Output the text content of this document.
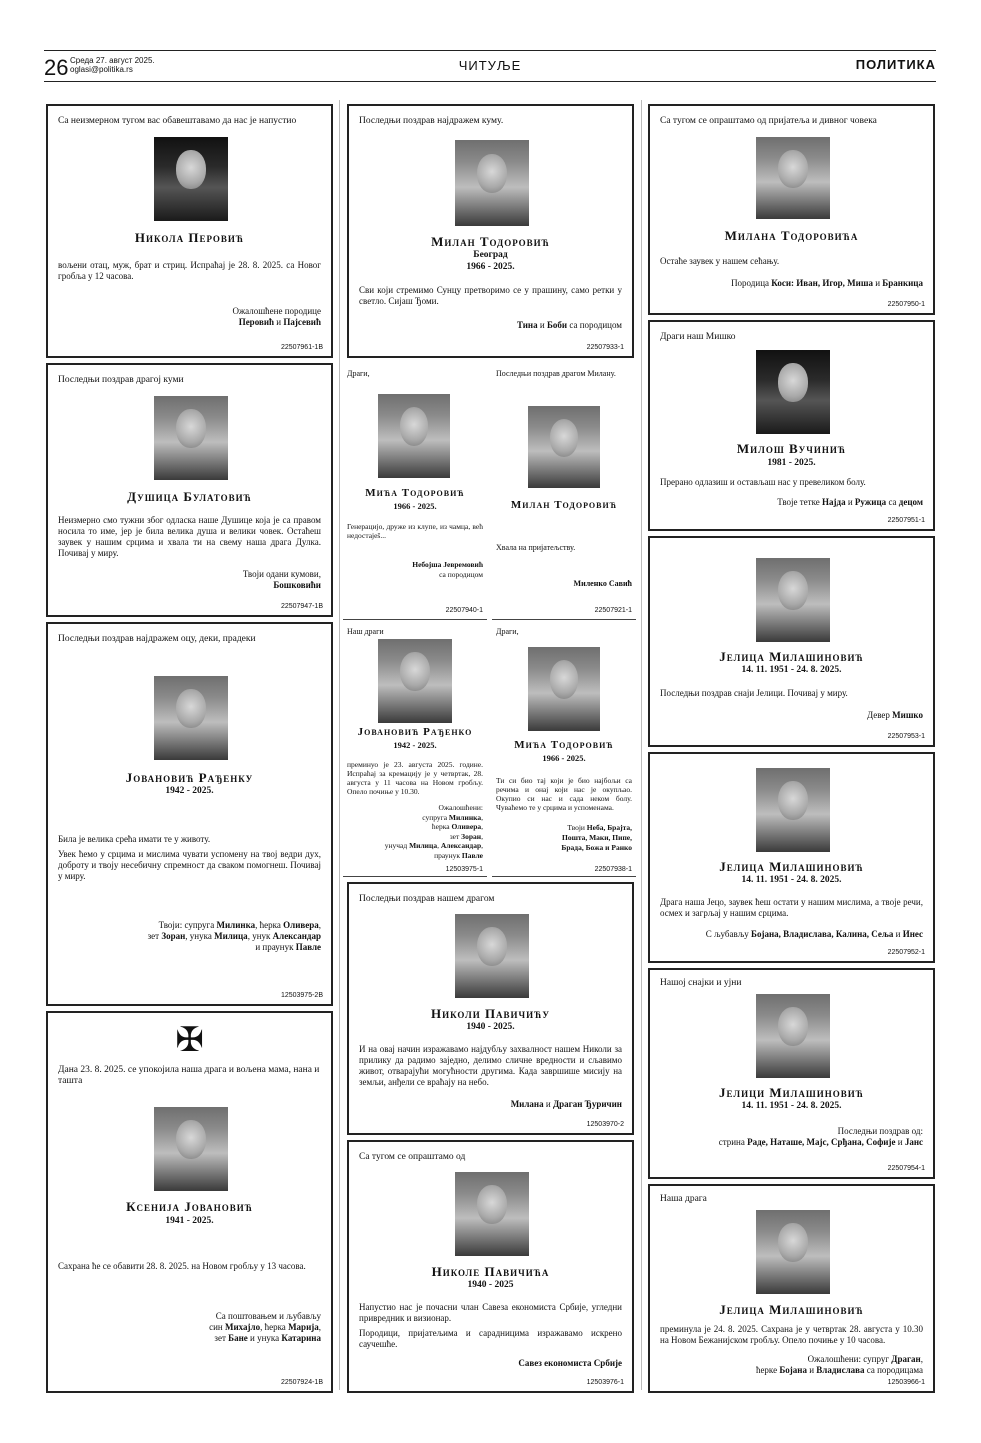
26 Среда 27. август 2025.
oglasi@politika.rs	ЧИТУЉЕ	ПОЛИТИКА
Са неизмерном тугом вас обавештавамо да нас је напустио
Никола Перовић
вољени отац, муж, брат и стриц. Испраћај је 28. 8. 2025. са Новог гробља у 12 часова.
Ожалошћене породице
Перовић и Пајсевић
22507961-1В
Последњи поздрав драгој куми
Душица Булатовић
Неизмерно смо тужни због одласка наше Душице која је са правом носила то име, јер је била велика душа и велики човек. Остаћеш заувек у нашим срцима и хвала ти на свему наша драга Дулка. Почивај у миру.
Твоји одани кумови,
Бошковићи
22507947-1В
Последњи поздрав најдражем оцу, деки, прадеки
Јовановић Рађенку
1942 - 2025.
Била је велика срећа имати те у животу.
Увек ћемо у срцима и мислима чувати успомену на твој ведри дух, доброту и твоју несебичну спремност да сваком помогнеш. Почивај у миру.
Твоји: супруга Милинка, ћерка Оливера,
зет Зоран, унука Милица, унук Александар
и праунук Павле
12503975-2В
✠
Дана 23. 8. 2025. се упокојила наша драга и вољена мама, нана и ташта
Ксенија Јовановић
1941 - 2025.
Сахрана ће се обавити 28. 8. 2025. на Новом гробљу у 13 часова.
Са поштовањем и љубављу
син Михајло, ћерка Марија,
зет Бане и унука Катарина
22507924-1В
Последњи поздрав најдражем куму.
Милан Тодоровић
Београд
1966 - 2025.
Сви који стремимо Сунцу претворимо се у прашину, само ретки у светло. Сијаш Ђоми.
Тина и Боби са породицом
22507933-1
Драги,
Мића Тодоровић
1966 - 2025.
Генерацијо, друже из клупе, из чамца, већ недостаješ...
Небојша Јевремовић
са породицом
22507940-1
Последњи поздрав драгом Милану.
Милан Тодоровић
Хвала на пријатељству.
Миленко Савић
22507921-1
Наш драги
Јовановић Рађенко
1942 - 2025.
преминуо је 23. августа 2025. године. Испраћај за кремацију је у четвртак, 28. августа у 11 часова на Новом гробљу. Опело почиње у 10.30.
Ожалошћени:
супруга Милинка,
ћерка Оливера,
зет Зоран,
унучад Милица, Александар,
праунук Павле
12503975-1
Драги,
Мића Тодоровић
1966 - 2025.
Ти си био тај који је био најбољи са речима и онај који нас је окупљао. Окупио си нас и сада неком болу. Чуваћемо те у срцима и успоменама.
Твоји Неба, Брајта,
Поштa, Маки, Пипе,
Брада, Божа и Ранко
22507938-1
Последњи поздрав нашем драгом
Николи Павичићу
1940 - 2025.
И на овај начин изражавамо најдубљу захвалност нашем Николи за прилику да радимо заједно, делимо сличне вредности и сљавимо живот, отварајући могућности другима. Када завршише мисију на земљи, анђели се враћају на небо.
Милана и Драган Ђуричин
12503970-2
Са тугом се опраштамо од
Николе Павичића
1940 - 2025
Напустио нас је почасни члан Савеза економиста Србије, угледни привредник и визионар.
Породици, пријатељима и сарадницима изражавамо искрено саучешће.
Савез економиста Србије
12503976-1
Са тугом се опраштамо од пријатеља и дивног човека
Милана Тодоровића
Остаће заувек у нашем сећању.
Породица Коси: Иван, Игор, Миша и Бранкица
22507950-1
Драги наш Мишко
Милош Вучинић
1981 - 2025.
Прерано одлазиш и остављаш нас у превеликом болу.
Твоје тетке Најда и Ружица са децом
22507951-1
Јелица Милашиновић
14. 11. 1951 - 24. 8. 2025.
Последњи поздрав снаји Јелици. Почивај у миру.
Девер Мишко
22507953-1
Јелица Милашиновић
14. 11. 1951 - 24. 8. 2025.
Драга наша Јецо, заувек ћеш остати у нашим мислима, а твоје речи, осмех и загрљај у нашим срцима.
С љубављу Бојана, Владислава, Калина, Сеља и Инес
22507952-1
Нашој снајки и ујни
Јелици Милашиновић
14. 11. 1951 - 24. 8. 2025.
Последњи поздрав од:
стрина Раде, Наташе, Мајс, Срђана, Софије и Јанс
22507954-1
Наша драга
Јелица Милашиновић
преминула је 24. 8. 2025. Сахрана је у четвртак 28. августа у 10.30 на Новом Бежанијском гробљу. Опело почиње у 10 часова.
Ожалошћени: супруг Драган,
ћерке Бојана и Владислава са породицама
12503966-1
